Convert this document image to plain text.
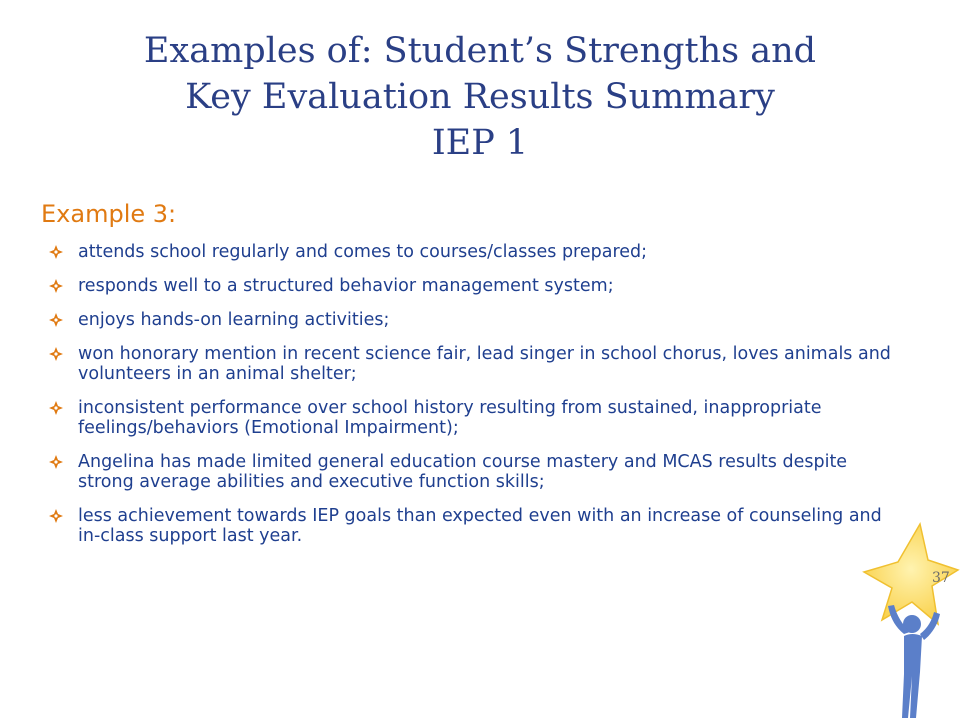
Examples of: Student’s Strengths and
Key Evaluation Results Summary
IEP 1
Example 3:
attends school regularly and comes to courses/classes prepared;
responds well to a structured behavior management system;
enjoys hands-on learning activities;
won honorary mention in recent science fair, lead singer in school chorus, loves animals and volunteers in an animal shelter;
inconsistent performance over school history resulting from sustained, inappropriate feelings/behaviors (Emotional Impairment);
Angelina has made limited general education course mastery and MCAS results despite strong average abilities and executive function skills;
less achievement towards IEP goals than expected even with an increase of counseling and in-class support last year.
37
